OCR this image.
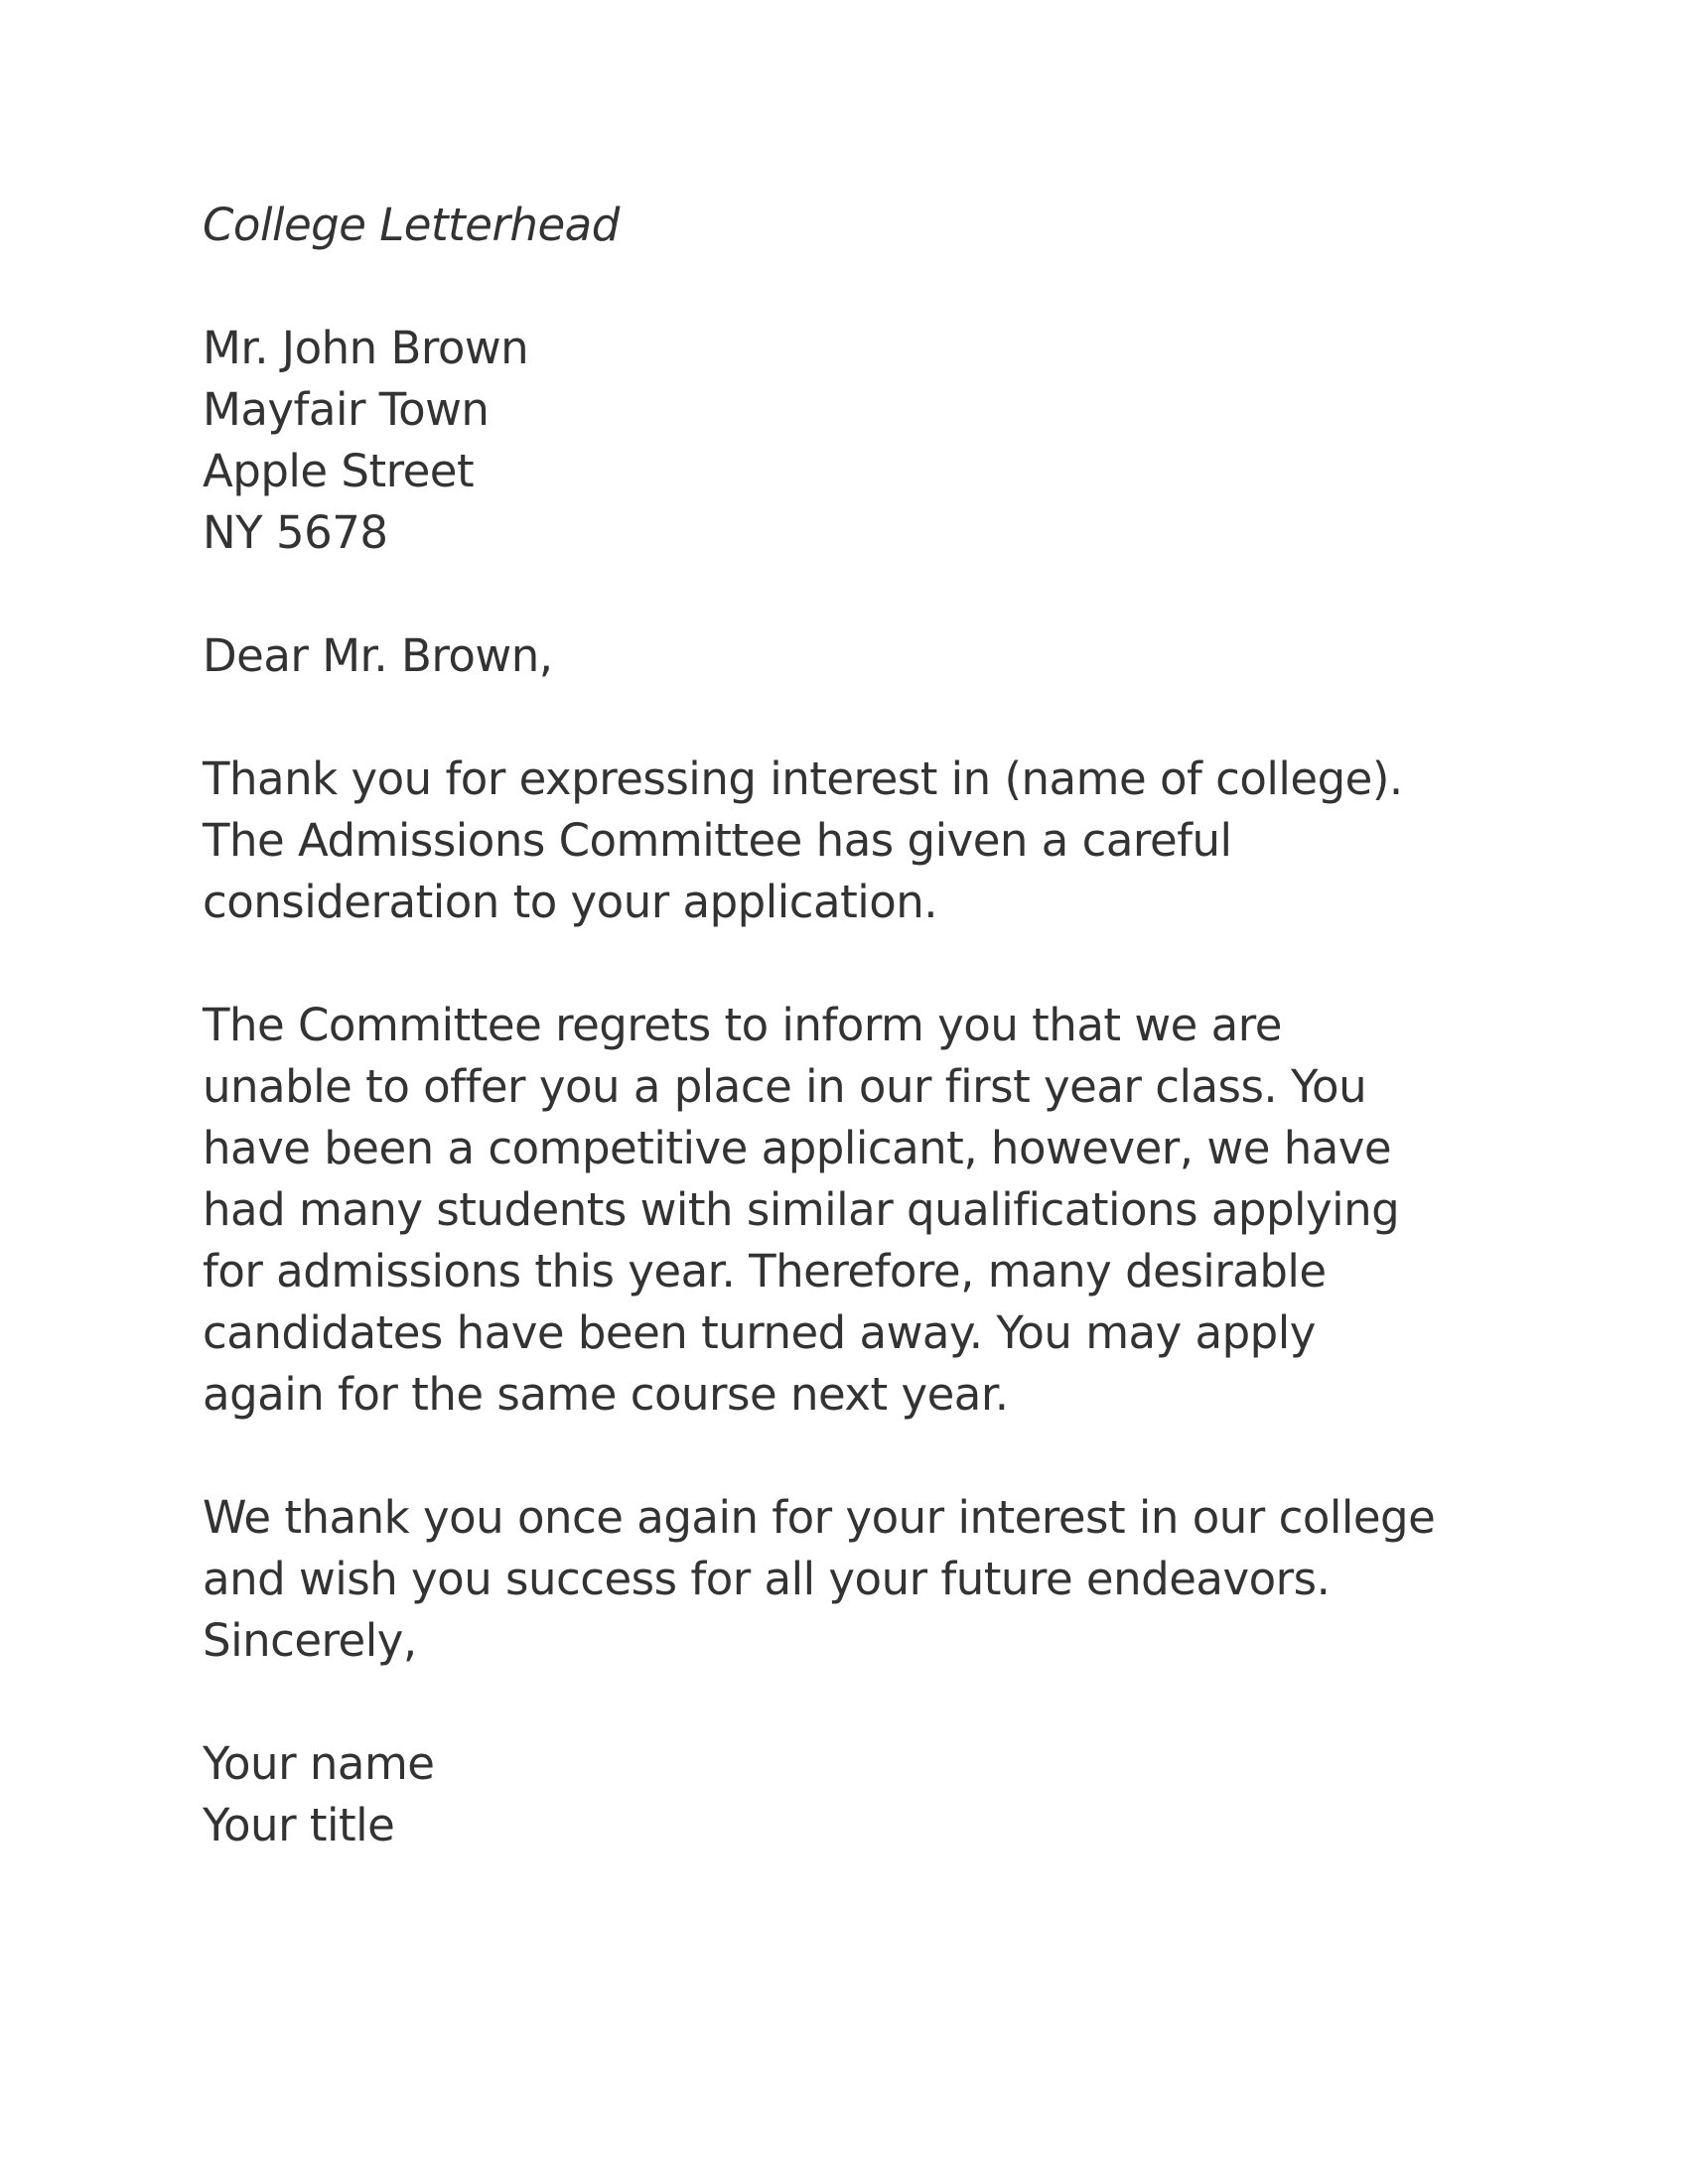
College Letterhead
Mr. John Brown
Mayfair Town
Apple Street
NY 5678
Dear Mr. Brown,
Thank you for expressing interest in (name of college).
The Admissions Committee has given a careful
consideration to your application.
The Committee regrets to inform you that we are
unable to offer you a place in our first year class. You
have been a competitive applicant, however, we have
had many students with similar qualifications applying
for admissions this year. Therefore, many desirable
candidates have been turned away. You may apply
again for the same course next year.
We thank you once again for your interest in our college
and wish you success for all your future endeavors.
Sincerely,
Your name
Your title
